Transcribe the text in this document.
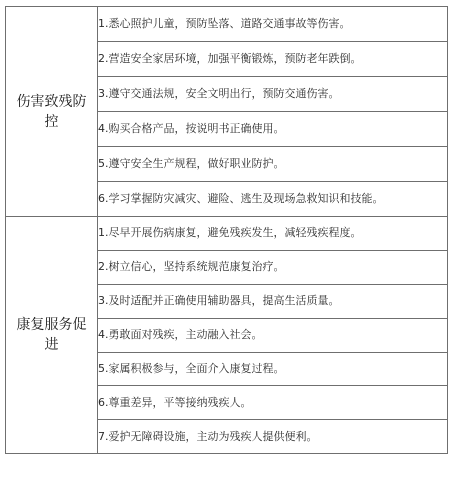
伤害致残防控	1.悉心照护儿童，预防坠落、道路交通事故等伤害。
	2.营造安全家居环境，加强平衡锻炼，预防老年跌倒。
	3.遵守交通法规，安全文明出行，预防交通伤害。
	4.购买合格产品，按说明书正确使用。
	5.遵守安全生产规程，做好职业防护。
	6.学习掌握防灾减灾、避险、逃生及现场急救知识和技能。
康复服务促进	1.尽早开展伤病康复，避免残疾发生，减轻残疾程度。
	2.树立信心，坚持系统规范康复治疗。
	3.及时适配并正确使用辅助器具，提高生活质量。
	4.勇敢面对残疾，主动融入社会。
	5.家属积极参与，全面介入康复过程。
	6.尊重差异，平等接纳残疾人。
	7.爱护无障碍设施，主动为残疾人提供便利。
